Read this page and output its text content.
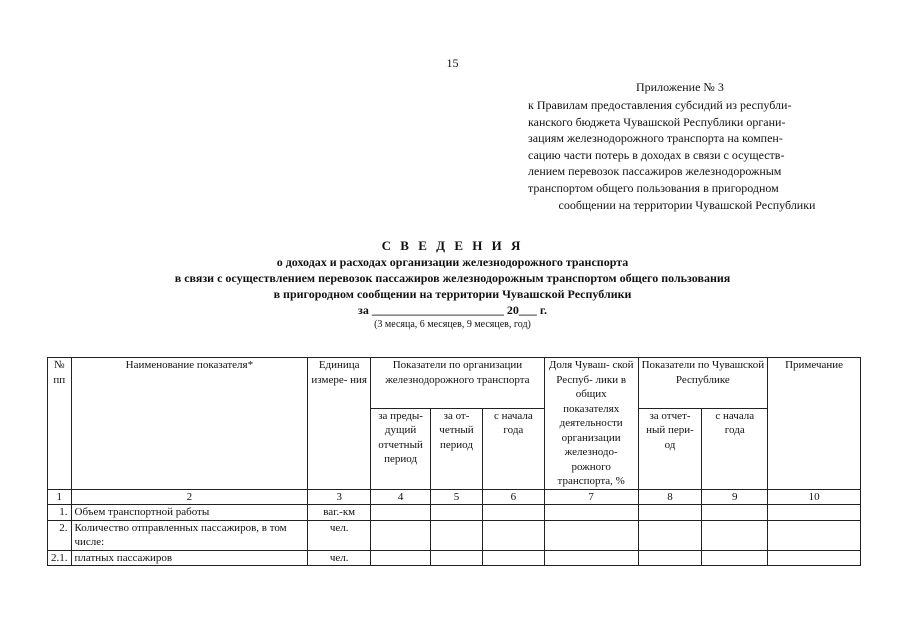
15
Приложение № 3
к Правилам предоставления субсидий из республи-
канского бюджета Чувашской Республики органи-
зациям железнодорожного транспорта на компен-
сацию части потерь в доходах в связи с осуществ-
лением перевозок пассажиров железнодорожным
транспортом общего пользования в пригородном
сообщении на территории Чувашской Республики
С В Е Д Е Н И Я
о доходах и расходах организации железнодорожного транспорта
в связи с осуществлением перевозок пассажиров железнодорожным транспортом общего пользования
в пригородном сообщении на территории Чувашской Республики
за ______________________ 20___ г.
(3 месяца, 6 месяцев, 9 месяцев, год)
№ пп	Наименование показателя*	Единица измере- ния	Показатели по организации железнодорожного транспорта			Доля Чуваш- ской Респуб- лики в общих показателях деятельности организации железнодо- рожного транспорта, %	Показатели по Чувашской Республике		Примечание
			за преды- дущий отчетный период	за от- четный период	с начала года		за отчет- ный пери- од	с начала года	
1	2	3	4	5	6	7	8	9	10
1.	Объем транспортной работы	ваг.-км							
2.	Количество отправленных пассажиров, в том числе:	чел.							
2.1.	платных пассажиров	чел.							
